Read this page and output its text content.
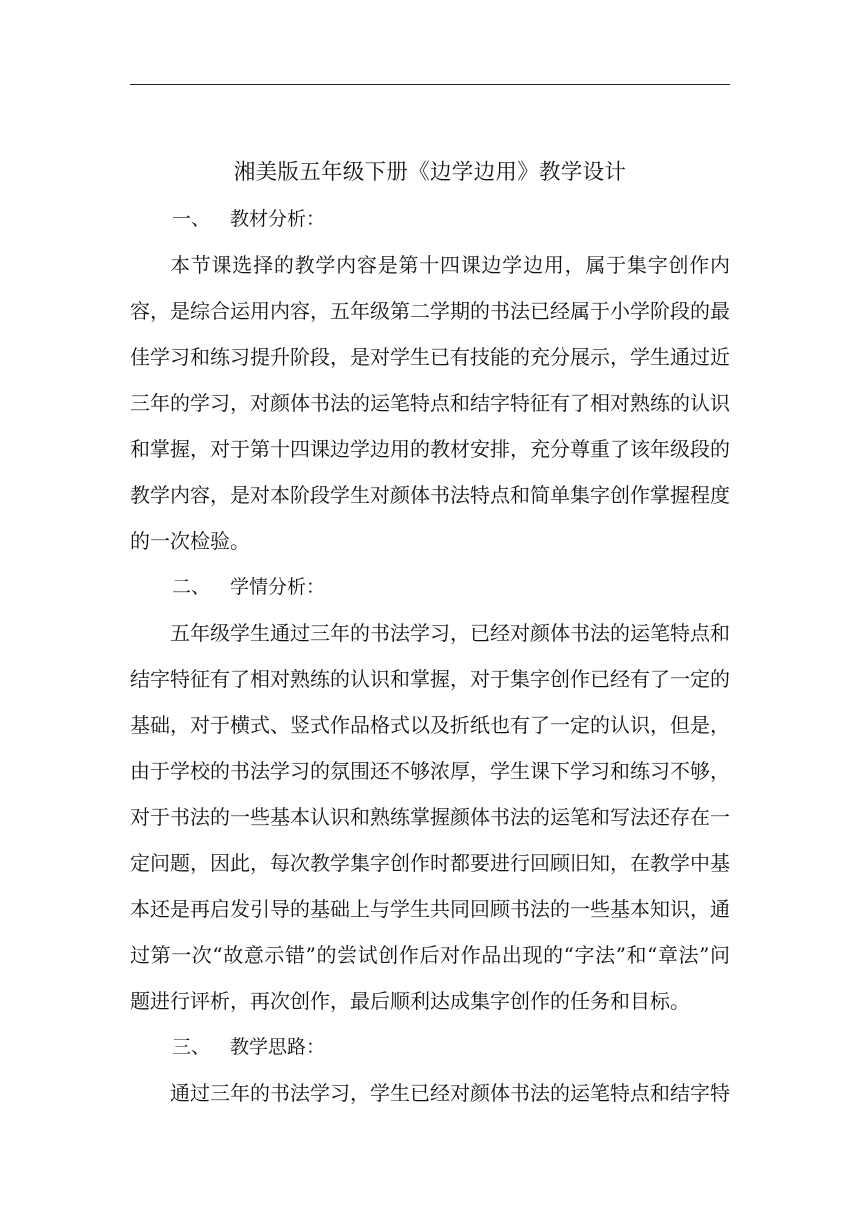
湘美版五年级下册《边学边用》教学设计
一、 教材分析：

本节课选择的教学内容是第十四课边学边用，属于集字创作内容，是综合运用内容，五年级第二学期的书法已经属于小学阶段的最佳学习和练习提升阶段，是对学生已有技能的充分展示，学生通过近三年的学习，对颜体书法的运笔特点和结字特征有了相对熟练的认识和掌握，对于第十四课边学边用的教材安排，充分尊重了该年级段的教学内容，是对本阶段学生对颜体书法特点和简单集字创作掌握程度的一次检验。

二、 学情分析：

五年级学生通过三年的书法学习，已经对颜体书法的运笔特点和结字特征有了相对熟练的认识和掌握，对于集字创作已经有了一定的基础，对于横式、竖式作品格式以及折纸也有了一定的认识，但是，由于学校的书法学习的氛围还不够浓厚，学生课下学习和练习不够，对于书法的一些基本认识和熟练掌握颜体书法的运笔和写法还存在一定问题，因此，每次教学集字创作时都要进行回顾旧知，在教学中基本还是再启发引导的基础上与学生共同回顾书法的一些基本知识，通过第一次“故意示错”的尝试创作后对作品出现的“字法”和“章法”问题进行评析，再次创作，最后顺利达成集字创作的任务和目标。

三、 教学思路：

通过三年的书法学习，学生已经对颜体书法的运笔特点和结字特
